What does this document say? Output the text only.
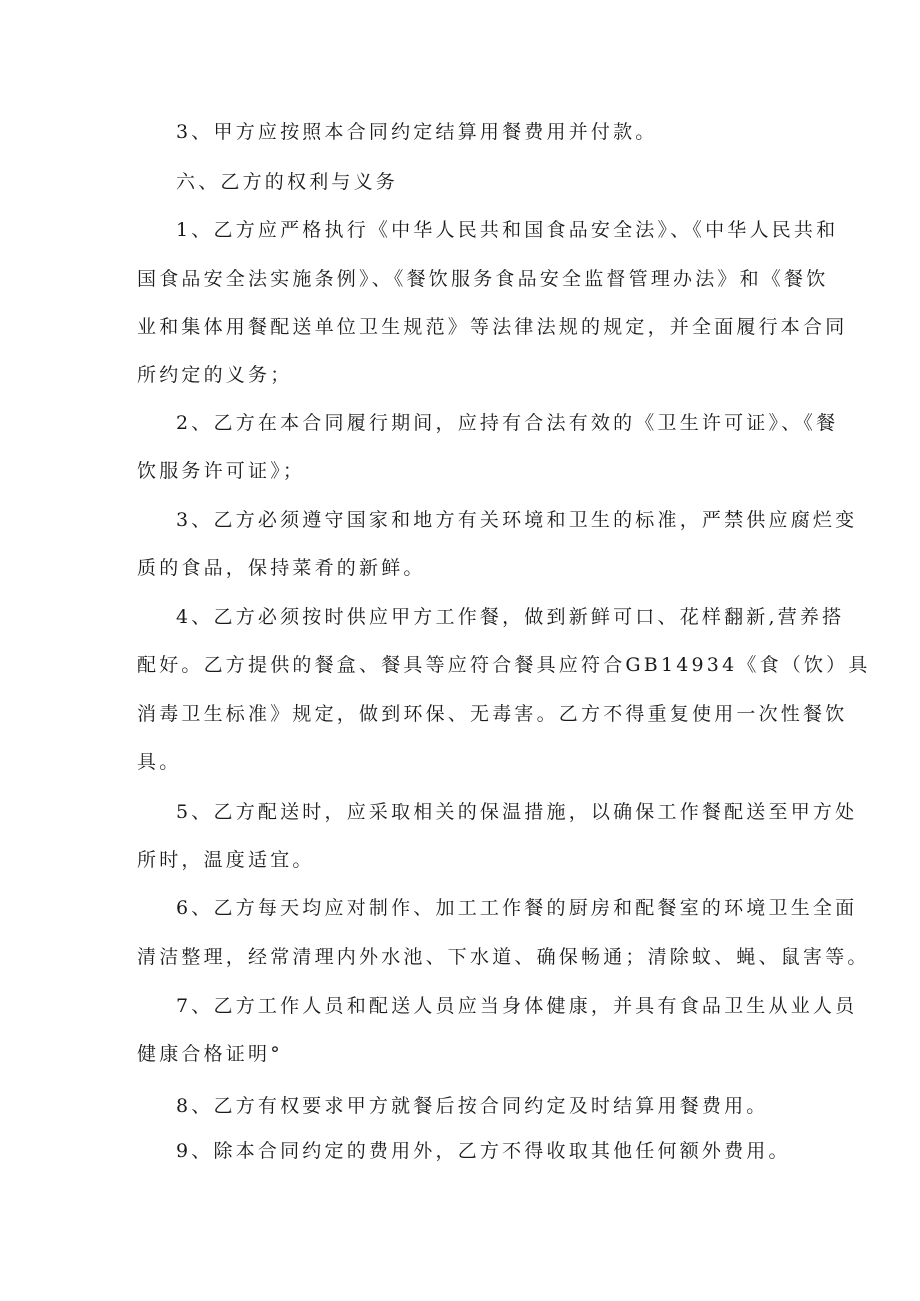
3、甲方应按照本合同约定结算用餐费用并付款。
六、乙方的权利与义务
1、乙方应严格执行《中华人民共和国食品安全法》、《中华人民共和
国食品安全法实施条例》、《餐饮服务食品安全监督管理办法》和《餐饮
业和集体用餐配送单位卫生规范》等法律法规的规定，并全面履行本合同
所约定的义务；
2、乙方在本合同履行期间，应持有合法有效的《卫生许可证》、《餐
饮服务许可证》；
3、乙方必须遵守国家和地方有关环境和卫生的标准，严禁供应腐烂变
质的食品，保持菜肴的新鲜。
4、乙方必须按时供应甲方工作餐，做到新鲜可口、花样翻新,营养搭
配好。乙方提供的餐盒、餐具等应符合餐具应符合GB14934《食（饮）具
消毒卫生标准》规定，做到环保、无毒害。乙方不得重复使用一次性餐饮
具。
5、乙方配送时，应采取相关的保温措施，以确保工作餐配送至甲方处
所时，温度适宜。
6、乙方每天均应对制作、加工工作餐的厨房和配餐室的环境卫生全面
清洁整理，经常清理内外水池、下水道、确保畅通；清除蚊、蝇、鼠害等。
7、乙方工作人员和配送人员应当身体健康，并具有食品卫生从业人员
健康合格证明°
8、乙方有权要求甲方就餐后按合同约定及时结算用餐费用。
9、除本合同约定的费用外，乙方不得收取其他任何额外费用。
